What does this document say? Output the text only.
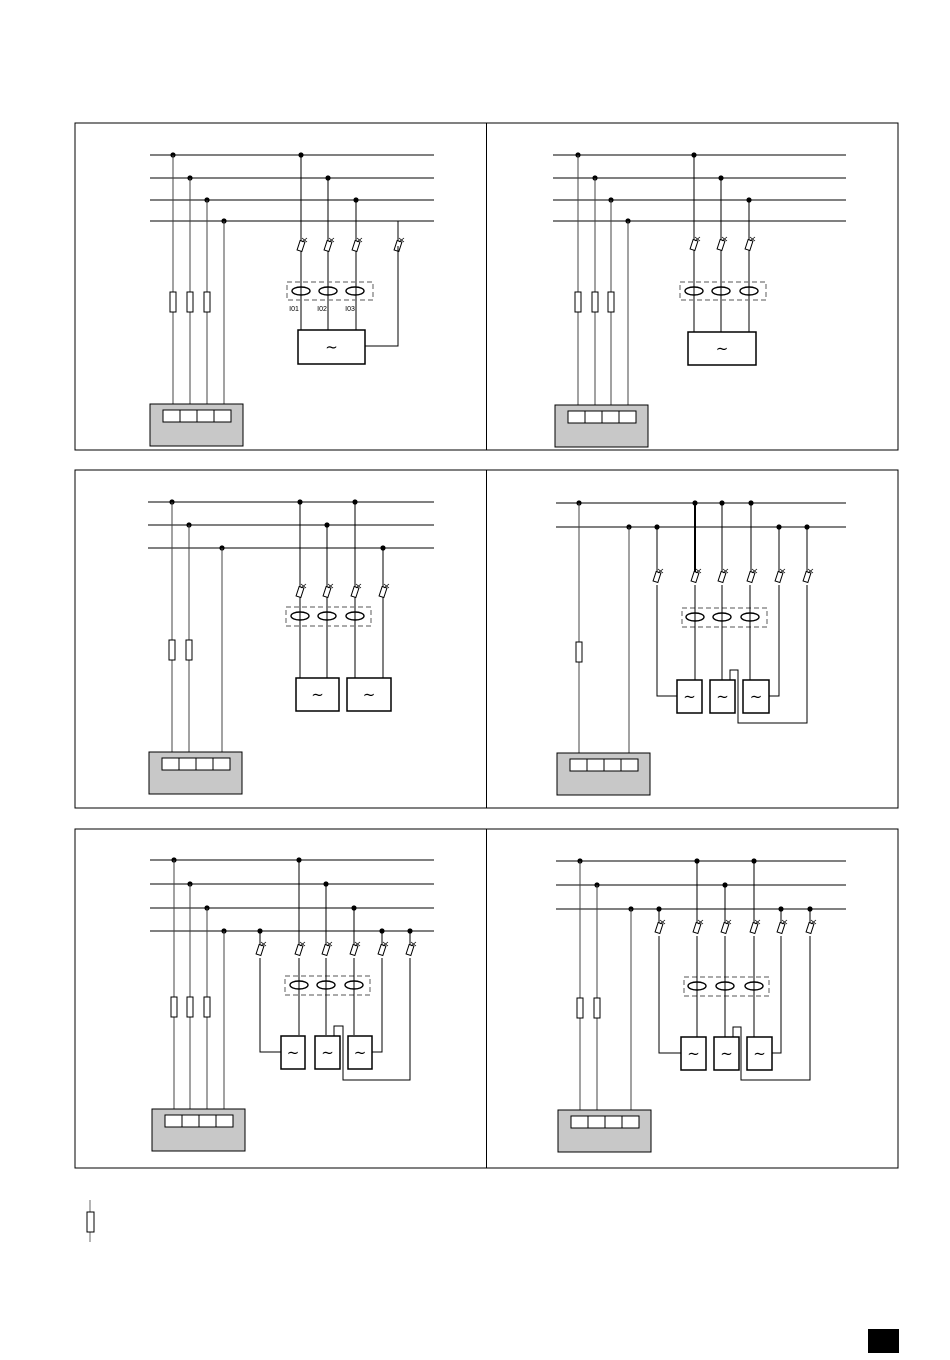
I01	I02	I03
~	~
~	~	~ ~ ~
~ ~ ~	~ ~ ~
